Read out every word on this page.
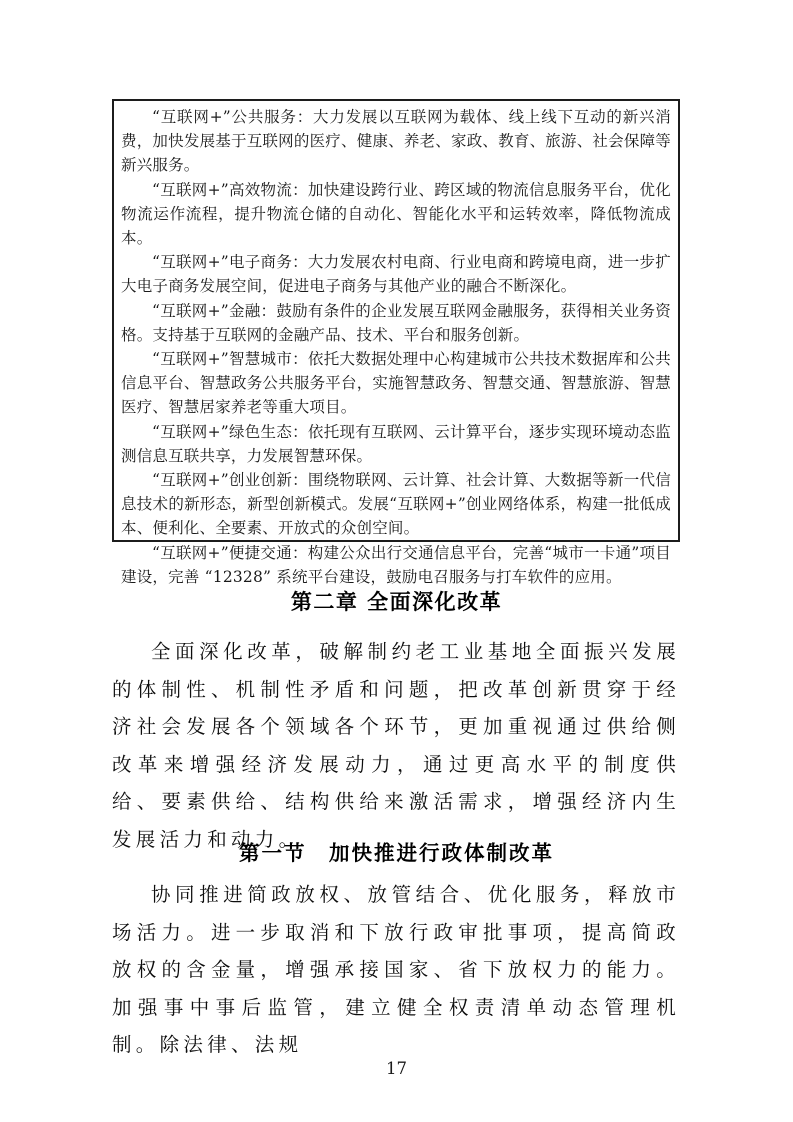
“互联网+”公共服务：大力发展以互联网为载体、线上线下互动的新兴消费，加快发展基于互联网的医疗、健康、养老、家政、教育、旅游、社会保障等新兴服务。

“互联网+”高效物流：加快建设跨行业、跨区域的物流信息服务平台，优化物流运作流程，提升物流仓储的自动化、智能化水平和运转效率，降低物流成本。

“互联网+”电子商务：大力发展农村电商、行业电商和跨境电商，进一步扩大电子商务发展空间，促进电子商务与其他产业的融合不断深化。

“互联网+”金融：鼓励有条件的企业发展互联网金融服务，获得相关业务资格。支持基于互联网的金融产品、技术、平台和服务创新。

“互联网+”智慧城市：依托大数据处理中心构建城市公共技术数据库和公共信息平台、智慧政务公共服务平台，实施智慧政务、智慧交通、智慧旅游、智慧医疗、智慧居家养老等重大项目。

“互联网+”绿色生态：依托现有互联网、云计算平台，逐步实现环境动态监测信息互联共享，力发展智慧环保。

“互联网+”创业创新：围绕物联网、云计算、社会计算、大数据等新一代信息技术的新形态，新型创新模式。发展“互联网+”创业网络体系，构建一批低成本、便利化、全要素、开放式的众创空间。

“互联网+”便捷交通：构建公众出行交通信息平台，完善“城市一卡通”项目建设，完善 “12328” 系统平台建设，鼓励电召服务与打车软件的应用。

第二章 全面深化改革
全面深化改革，破解制约老工业基地全面振兴发展的体制性、机制性矛盾和问题，把改革创新贯穿于经济社会发展各个领域各个环节，更加重视通过供给侧改革来增强经济发展动力，通过更高水平的制度供给、要素供给、结构供给来激活需求，增强经济内生发展活力和动力。
第一节　加快推进行政体制改革
协同推进简政放权、放管结合、优化服务，释放市场活力。进一步取消和下放行政审批事项，提高简政放权的含金量，增强承接国家、省下放权力的能力。加强事中事后监管，建立健全权责清单动态管理机制。除法律、法规
17
